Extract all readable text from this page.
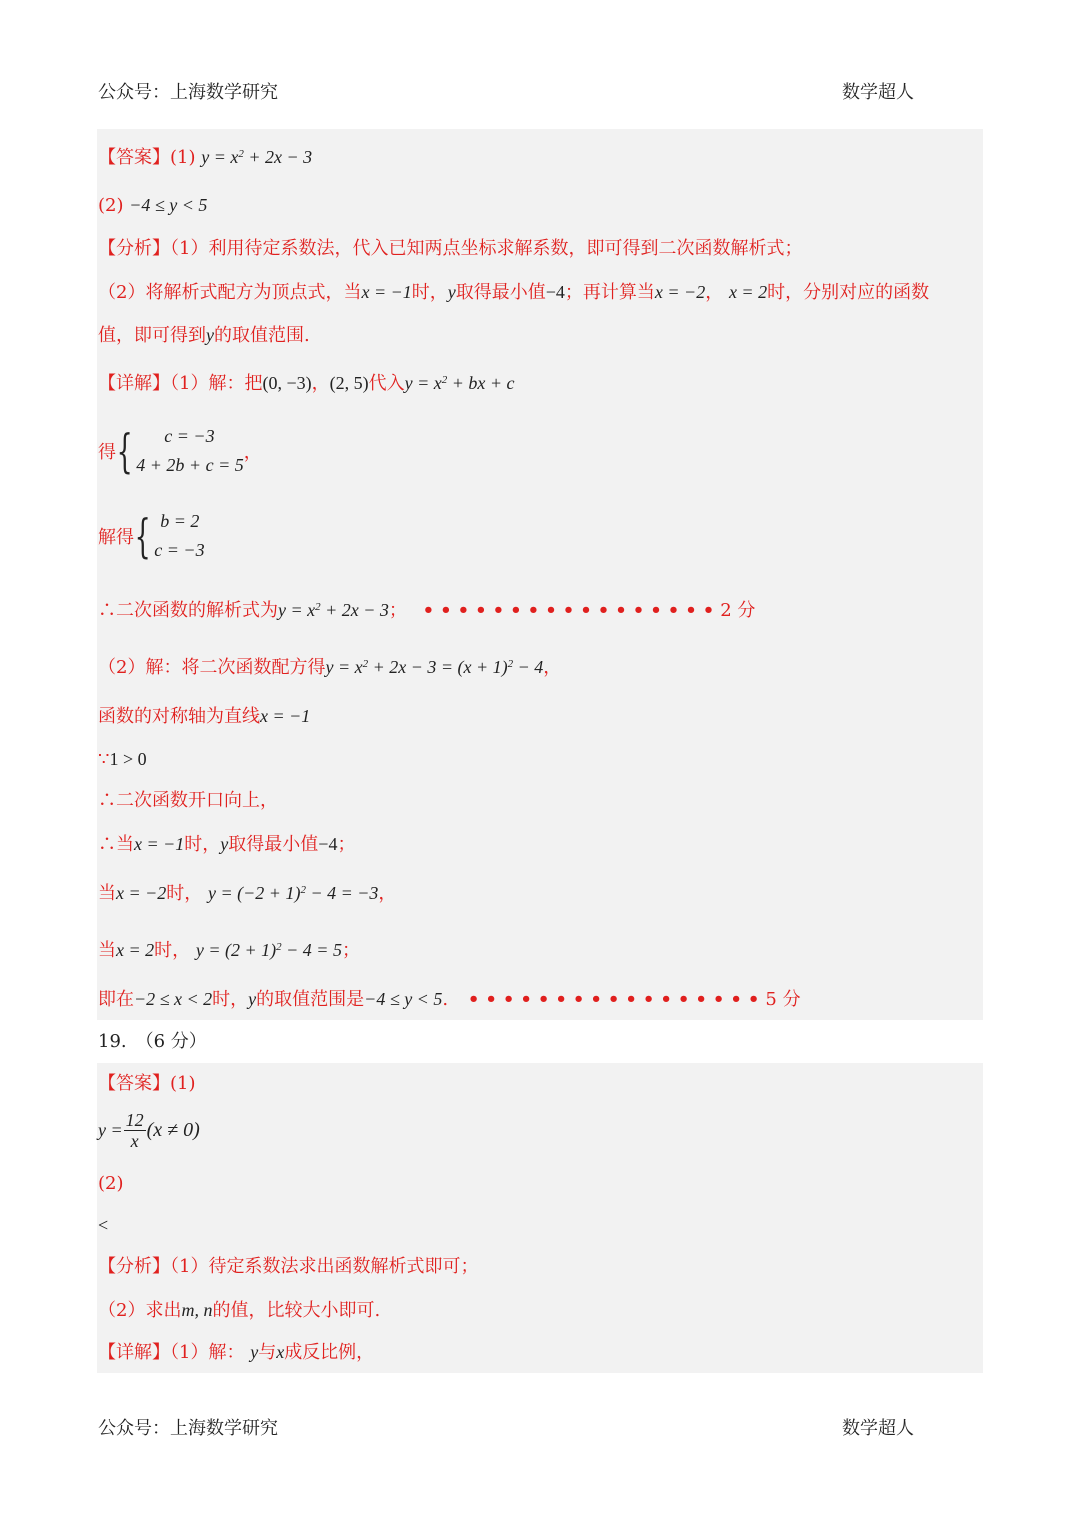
公众号：上海数学研究	数学超人
【答案】(1) $y = x^2 + 2x - 3$
(2) −4 ≤ y < 5
【分析】（1）利用待定系数法，代入已知两点坐标求解系数，即可得到二次函数解析式；
（2）将解析式配方为顶点式，当x = −1时，y取得最小值−4；再计算当x = −2， x = 2时，分别对应的函数
值，即可得到y的取值范围.
【详解】（1）解：把(0, −3)，(2, 5)代入$y = x^2$ + bx + c
得{	c = −3
4 + 2b + c = 5
，
解得{ b = 2
c = −3
∴二次函数的解析式为$y = x^2 + 2x - 3$； •••••••••••••••••2 分
（2）解：将二次函数配方得$y = x^2 + 2x - 3 = (x + 1)^2 - 4$，
函数的对称轴为直线x = −1
∵1 > 0
∴二次函数开口向上，
∴当x = −1时，y取得最小值−4；
当x = −2时， $y = (-2 + 1)^2 - 4 = -3$，
当x = 2时， $y = (2 + 1)^2 - 4 = 5$；
即在−2 ≤ x < 2时，y的取值范围是−4 ≤ y < 5. •••••••••••••••••5 分
19.　（6 分）
【答案】(1)
$y = \frac{12}{x} (x \ne 0)$
(2)
<
【分析】（1）待定系数法求出函数解析式即可；
（2）求出m, n的值，比较大小即可.
【详解】（1）解： y与x成反比例，
公众号：上海数学研究	数学超人
